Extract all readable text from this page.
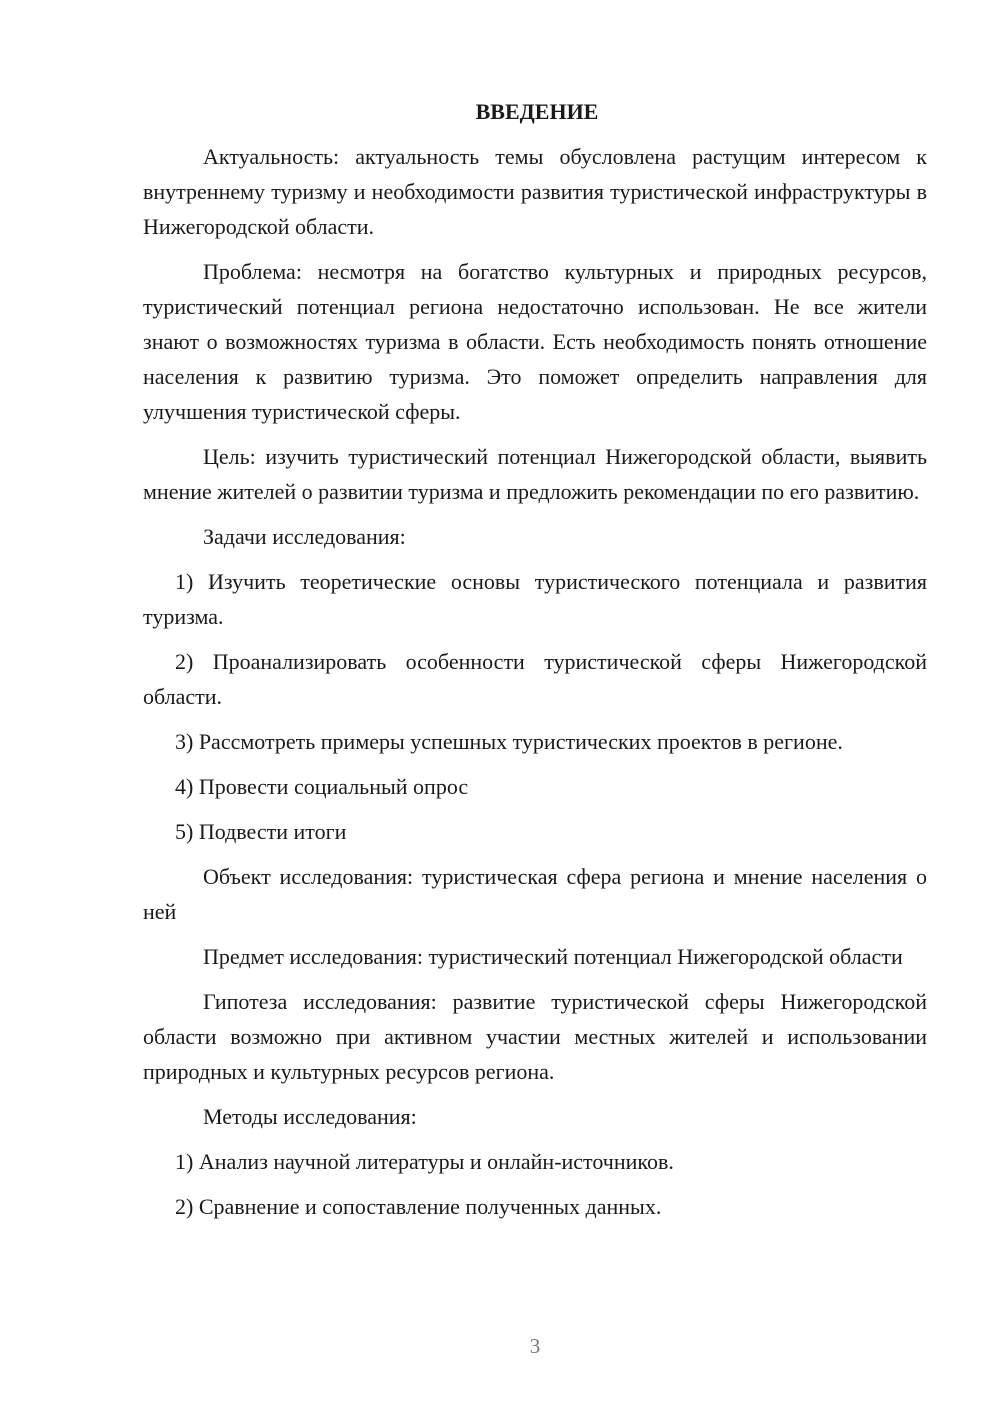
ВВЕДЕНИЕ

Актуальность: актуальность темы обусловлена растущим интересом к внутреннему туризму и необходимости развития туристической инфраструктуры в Нижегородской области.

Проблема: несмотря на богатство культурных и природных ресурсов, туристический потенциал региона недостаточно использован. Не все жители знают о возможностях туризма в области. Есть необходимость понять отношение населения к развитию туризма. Это поможет определить направления для улучшения туристической сферы.

Цель: изучить туристический потенциал Нижегородской области, выявить мнение жителей о развитии туризма и предложить рекомендации по его развитию.

Задачи исследования:

1) Изучить теоретические основы туристического потенциала и развития туризма.

2) Проанализировать особенности туристической сферы Нижегородской области.

3) Рассмотреть примеры успешных туристических проектов в регионе.

4) Провести социальный опрос

5) Подвести итоги

Объект исследования: туристическая сфера региона и мнение населения о ней

Предмет исследования: туристический потенциал Нижегородской области

Гипотеза исследования: развитие туристической сферы Нижегородской области возможно при активном участии местных жителей и использовании природных и культурных ресурсов региона.

Методы исследования:

1) Анализ научной литературы и онлайн-источников.

2) Сравнение и сопоставление полученных данных.

3
